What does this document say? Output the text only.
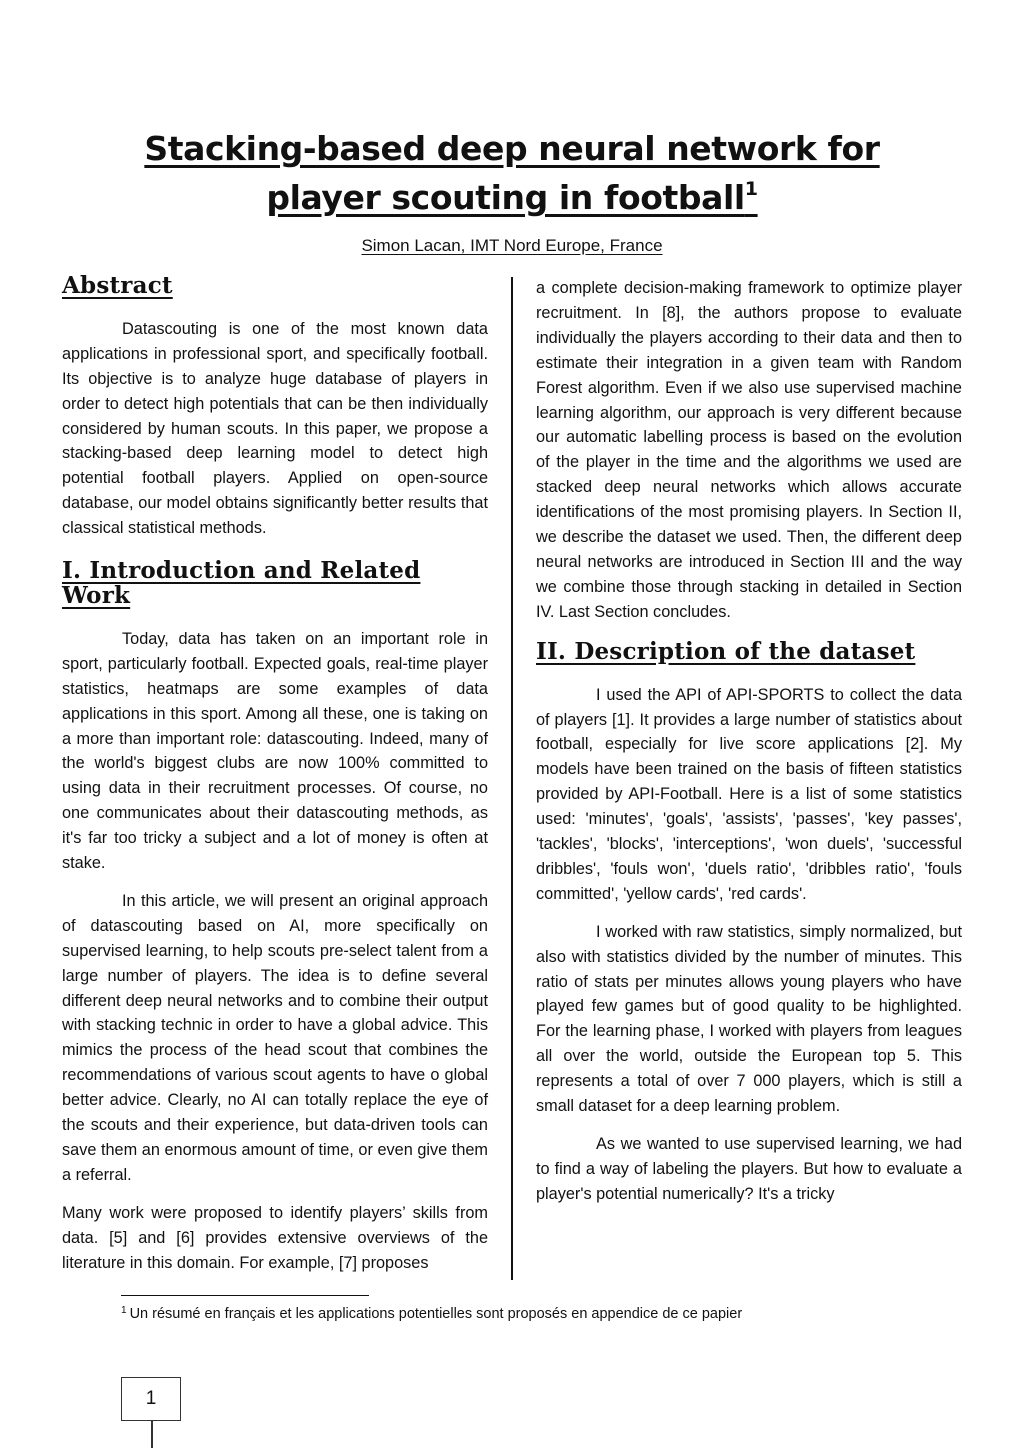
Stacking-based deep neural network for player scouting in football$^1$
Simon Lacan, IMT Nord Europe, France
Abstract

Datascouting is one of the most known data applications in professional sport, and specifically football. Its objective is to analyze huge database of players in order to detect high potentials that can be then individually considered by human scouts. In this paper, we propose a stacking-based deep learning model to detect high potential football players. Applied on open-source database, our model obtains significantly better results that classical statistical methods.

I. Introduction and Related Work

Today, data has taken on an important role in sport, particularly football. Expected goals, real-time player statistics, heatmaps are some examples of data applications in this sport. Among all these, one is taking on a more than important role: datascouting. Indeed, many of the world's biggest clubs are now 100% committed to using data in their recruitment processes. Of course, no one communicates about their datascouting methods, as it's far too tricky a subject and a lot of money is often at stake.

In this article, we will present an original approach of datascouting based on AI, more specifically on supervised learning, to help scouts pre-select talent from a large number of players. The idea is to define several different deep neural networks and to combine their output with stacking technic in order to have a global advice. This mimics the process of the head scout that combines the recommendations of various scout agents to have o global better advice. Clearly, no AI can totally replace the eye of the scouts and their experience, but data-driven tools can save them an enormous amount of time, or even give them a referral.

Many work were proposed to identify players’ skills from data. [5] and [6] provides extensive overviews of the literature in this domain. For example, [7] proposes

a complete decision-making framework to optimize player recruitment. In [8], the authors propose to evaluate individually the players according to their data and then to estimate their integration in a given team with Random Forest algorithm. Even if we also use supervised machine learning algorithm, our approach is very different because our automatic labelling process is based on the evolution of the player in the time and the algorithms we used are stacked deep neural networks which allows accurate identifications of the most promising players. In Section II, we describe the dataset we used. Then, the different deep neural networks are introduced in Section III and the way we combine those through stacking in detailed in Section IV. Last Section concludes.

II. Description of the dataset

I used the API of API-SPORTS to collect the data of players [1]. It provides a large number of statistics about football, especially for live score applications [2]. My models have been trained on the basis of fifteen statistics provided by API-Football. Here is a list of some statistics used: 'minutes', 'goals', 'assists', 'passes', 'key passes', 'tackles', 'blocks', 'interceptions', 'won duels', 'successful dribbles', 'fouls won', 'duels ratio', 'dribbles ratio', 'fouls committed', 'yellow cards', 'red cards'.

I worked with raw statistics, simply normalized, but also with statistics divided by the number of minutes. This ratio of stats per minutes allows young players who have played few games but of good quality to be highlighted. For the learning phase, I worked with players from leagues all over the world, outside the European top 5. This represents a total of over 7 000 players, which is still a small dataset for a deep learning problem.

As we wanted to use supervised learning, we had to find a way of labeling the players. But how to evaluate a player's potential numerically? It's a tricky

$^1$ Un résumé en français et les applications potentielles sont proposés en appendice de ce papier
1
